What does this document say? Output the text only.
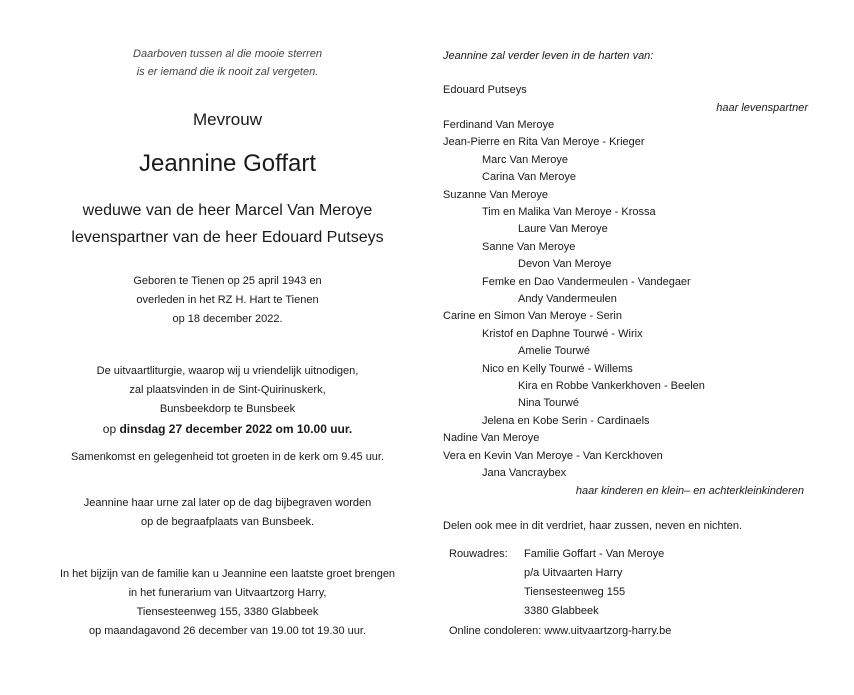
Daarboven tussen al die mooie sterren
is er iemand die ik nooit zal vergeten.
Mevrouw
Jeannine Goffart
weduwe van de heer Marcel Van Meroye
levenspartner van de heer Edouard Putseys
Geboren te Tienen op 25 april 1943 en
overleden in het RZ H. Hart te Tienen
op 18 december 2022.
De uitvaartliturgie, waarop wij u vriendelijk uitnodigen,
zal plaatsvinden in de Sint-Quirinuskerk,
Bunsbeekdorp te Bunsbeek
op dinsdag 27 december 2022 om 10.00 uur.
Samenkomst en gelegenheid tot groeten in de kerk om 9.45 uur.
Jeannine haar urne zal later op de dag bijbegraven worden
op de begraafplaats van Bunsbeek.
In het bijzijn van de familie kan u Jeannine een laatste groet brengen
in het funerarium van Uitvaartzorg Harry,
Tiensesteenweg 155, 3380 Glabbeek
op maandagavond 26 december van 19.00 tot 19.30 uur.
Jeannine zal verder leven in de harten van:
Edouard Putseys
haar levenspartner
Ferdinand Van Meroye
Jean-Pierre en Rita Van Meroye - Krieger
Marc Van Meroye
Carina Van Meroye
Suzanne Van Meroye
Tim en Malika Van Meroye - Krossa
Laure Van Meroye
Sanne Van Meroye
Devon Van Meroye
Femke en Dao Vandermeulen - Vandegaer
Andy Vandermeulen
Carine en Simon Van Meroye - Serin
Kristof en Daphne Tourwé - Wirix
Amelie Tourwé
Nico en Kelly Tourwé - Willems
Kira en Robbe Vankerkhoven - Beelen
Nina Tourwé
Jelena en Kobe Serin - Cardinaels
Nadine Van Meroye
Vera en Kevin Van Meroye - Van Kerckhoven
Jana Vancraybex
haar kinderen en klein– en achterkleinkinderen
Delen ook mee in dit verdriet, haar zussen, neven en nichten.
Rouwadres: Familie Goffart - Van Meroye
p/a Uitvaarten Harry
Tiensesteenweg 155
3380 Glabbeek
Online condoleren: www.uitvaartzorg-harry.be
